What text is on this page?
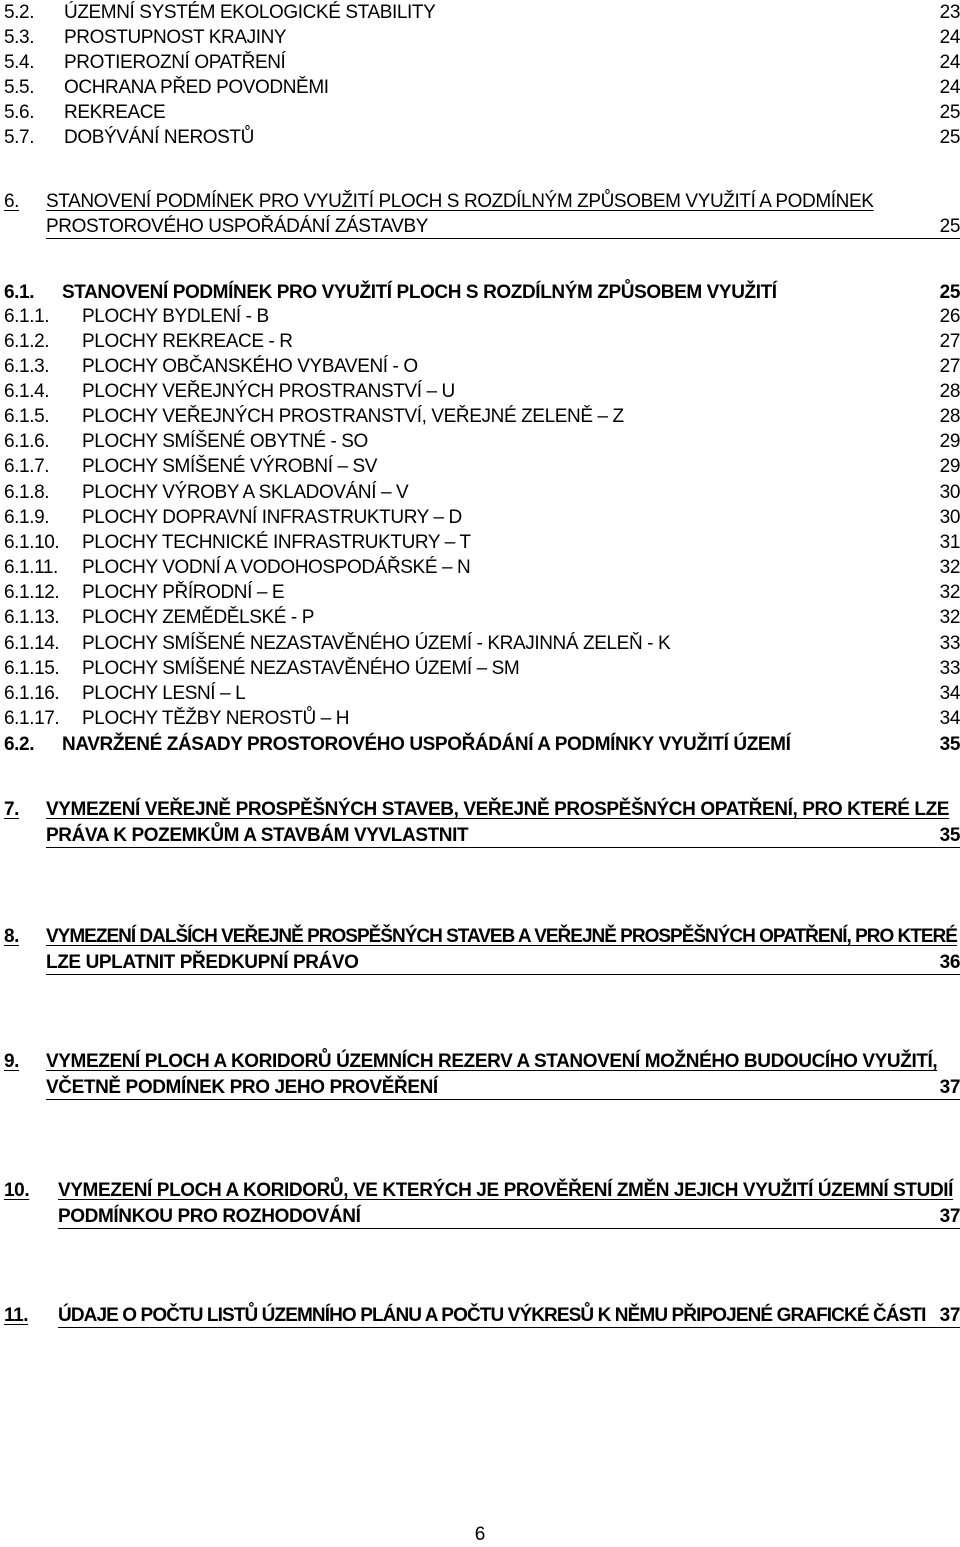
5.2. ÚZEMNÍ SYSTÉM EKOLOGICKÉ STABILITY	23
5.3. PROSTUPNOST KRAJINY	24
5.4. PROTIEROZNÍ OPATŘENÍ	24
5.5. OCHRANA PŘED POVODNĚMI	24
5.6. REKREACE	25
5.7. DOBÝVÁNÍ NEROSTŮ	25
6. STANOVENÍ PODMÍNEK PRO VYUŽITÍ PLOCH S ROZDÍLNÝM ZPŮSOBEM VYUŽITÍ A PODMÍNEK
PROSTOROVÉHO USPOŘÁDÁNÍ ZÁSTAVBY	25
6.1. STANOVENÍ PODMÍNEK PRO VYUŽITÍ PLOCH S ROZDÍLNÝM ZPŮSOBEM VYUŽITÍ	25
6.1.1. PLOCHY BYDLENÍ - B	26
6.1.2. PLOCHY REKREACE - R	27
6.1.3. PLOCHY OBČANSKÉHO VYBAVENÍ - O	27
6.1.4. PLOCHY VEŘEJNÝCH PROSTRANSTVÍ – U	28
6.1.5. PLOCHY VEŘEJNÝCH PROSTRANSTVÍ, VEŘEJNÉ ZELENĚ – Z	28
6.1.6. PLOCHY SMÍŠENÉ OBYTNÉ - SO	29
6.1.7. PLOCHY SMÍŠENÉ VÝROBNÍ – SV	29
6.1.8. PLOCHY VÝROBY A SKLADOVÁNÍ – V	30
6.1.9. PLOCHY DOPRAVNÍ INFRASTRUKTURY – D	30
6.1.10. PLOCHY TECHNICKÉ INFRASTRUKTURY – T	31
6.1.11. PLOCHY VODNÍ A VODOHOSPODÁŘSKÉ – N	32
6.1.12. PLOCHY PŘÍRODNÍ – E	32
6.1.13. PLOCHY ZEMĚDĚLSKÉ - P	32
6.1.14. PLOCHY SMÍŠENÉ NEZASTAVĚNÉHO ÚZEMÍ - KRAJINNÁ ZELEŇ - K	33
6.1.15. PLOCHY SMÍŠENÉ NEZASTAVĚNÉHO ÚZEMÍ – SM	33
6.1.16. PLOCHY LESNÍ – L	34
6.1.17. PLOCHY TĚŽBY NEROSTŮ – H	34
6.2. NAVRŽENÉ ZÁSADY PROSTOROVÉHO USPOŘÁDÁNÍ A PODMÍNKY VYUŽITÍ ÚZEMÍ	35
7. VYMEZENÍ VEŘEJNĚ PROSPĚŠNÝCH STAVEB, VEŘEJNĚ PROSPĚŠNÝCH OPATŘENÍ, PRO KTERÉ LZE
PRÁVA K POZEMKŮM A STAVBÁM VYVLASTNIT	35
8. VYMEZENÍ DALŠÍCH VEŘEJNĚ PROSPĚŠNÝCH STAVEB A VEŘEJNĚ PROSPĚŠNÝCH OPATŘENÍ, PRO KTERÉ
LZE UPLATNIT PŘEDKUPNÍ PRÁVO	36
9. VYMEZENÍ PLOCH A KORIDORŮ ÚZEMNÍCH REZERV A STANOVENÍ MOŽNÉHO BUDOUCÍHO VYUŽITÍ,
VČETNĚ PODMÍNEK PRO JEHO PROVĚŘENÍ	37
10. VYMEZENÍ PLOCH A KORIDORŮ, VE KTERÝCH JE PROVĚŘENÍ ZMĚN JEJICH VYUŽITÍ ÚZEMNÍ STUDIÍ
PODMÍNKOU PRO ROZHODOVÁNÍ	37
11. ÚDAJE O POČTU LISTŮ ÚZEMNÍHO PLÁNU A POČTU VÝKRESŮ K NĚMU PŘIPOJENÉ GRAFICKÉ ČÁSTI 37
6
